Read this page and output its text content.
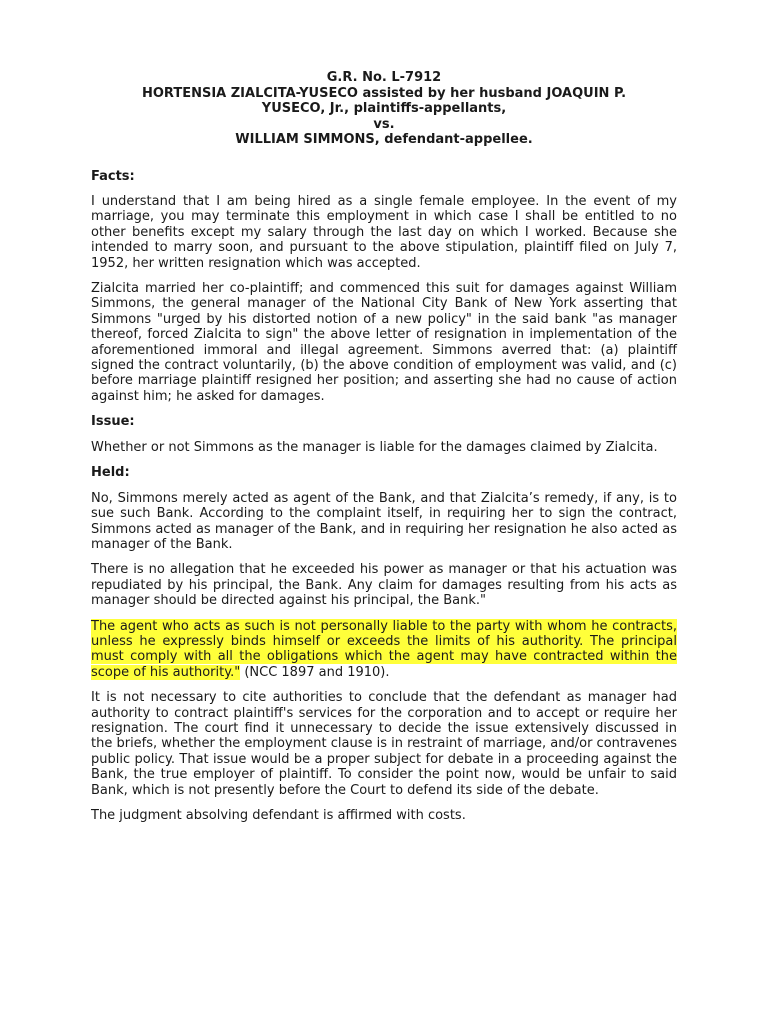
G.R. No. L-7912
HORTENSIA ZIALCITA-YUSECO assisted by her husband JOAQUIN P.
YUSECO, Jr., plaintiffs-appellants,
vs.
WILLIAM SIMMONS, defendant-appellee.
Facts:

I understand that I am being hired as a single female employee. In the event of my marriage, you may terminate this employment in which case I shall be entitled to no other benefits except my salary through the last day on which I worked. Because she intended to marry soon, and pursuant to the above stipulation, plaintiff filed on July 7, 1952, her written resignation which was accepted.

Zialcita married her co-plaintiff; and commenced this suit for damages against William Simmons, the general manager of the National City Bank of New York asserting that Simmons "urged by his distorted notion of a new policy" in the said bank "as manager thereof, forced Zialcita to sign" the above letter of resignation in implementation of the aforementioned immoral and illegal agreement. Simmons averred that: (a) plaintiff signed the contract voluntarily, (b) the above condition of employment was valid, and (c) before marriage plaintiff resigned her position; and asserting she had no cause of action against him; he asked for damages.

Issue:

Whether or not Simmons as the manager is liable for the damages claimed by Zialcita.

Held:

No, Simmons merely acted as agent of the Bank, and that Zialcita’s remedy, if any, is to sue such Bank. According to the complaint itself, in requiring her to sign the contract, Simmons acted as manager of the Bank, and in requiring her resignation he also acted as manager of the Bank.

There is no allegation that he exceeded his power as manager or that his actuation was repudiated by his principal, the Bank. Any claim for damages resulting from his acts as manager should be directed against his principal, the Bank."

The agent who acts as such is not personally liable to the party with whom he contracts, unless he expressly binds himself or exceeds the limits of his authority. The principal must comply with all the obligations which the agent may have contracted within the scope of his authority." (NCC 1897 and 1910).

It is not necessary to cite authorities to conclude that the defendant as manager had authority to contract plaintiff's services for the corporation and to accept or require her resignation. The court find it unnecessary to decide the issue extensively discussed in the briefs, whether the employment clause is in restraint of marriage, and/or contravenes public policy. That issue would be a proper subject for debate in a proceeding against the Bank, the true employer of plaintiff. To consider the point now, would be unfair to said Bank, which is not presently before the Court to defend its side of the debate.

The judgment absolving defendant is affirmed with costs.
